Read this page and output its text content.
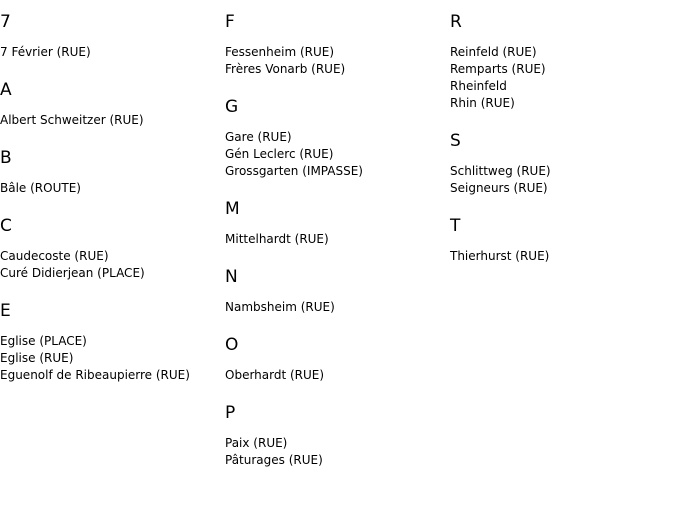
7
7 Février (RUE)
A
Albert Schweitzer (RUE)
B
Bâle (ROUTE)
C
Caudecoste (RUE)
Curé Didierjean (PLACE)
E
Eglise (PLACE)
Eglise (RUE)
Eguenolf de Ribeaupierre (RUE)
F
Fessenheim (RUE)
Frères Vonarb (RUE)
G
Gare (RUE)
Gén Leclerc (RUE)
Grossgarten (IMPASSE)
M
Mittelhardt (RUE)
N
Nambsheim (RUE)
O
Oberhardt (RUE)
P
Paix (RUE)
Pâturages (RUE)
R
Reinfeld (RUE)
Remparts (RUE)
Rheinfeld
Rhin (RUE)
S
Schlittweg (RUE)
Seigneurs (RUE)
T
Thierhurst (RUE)
